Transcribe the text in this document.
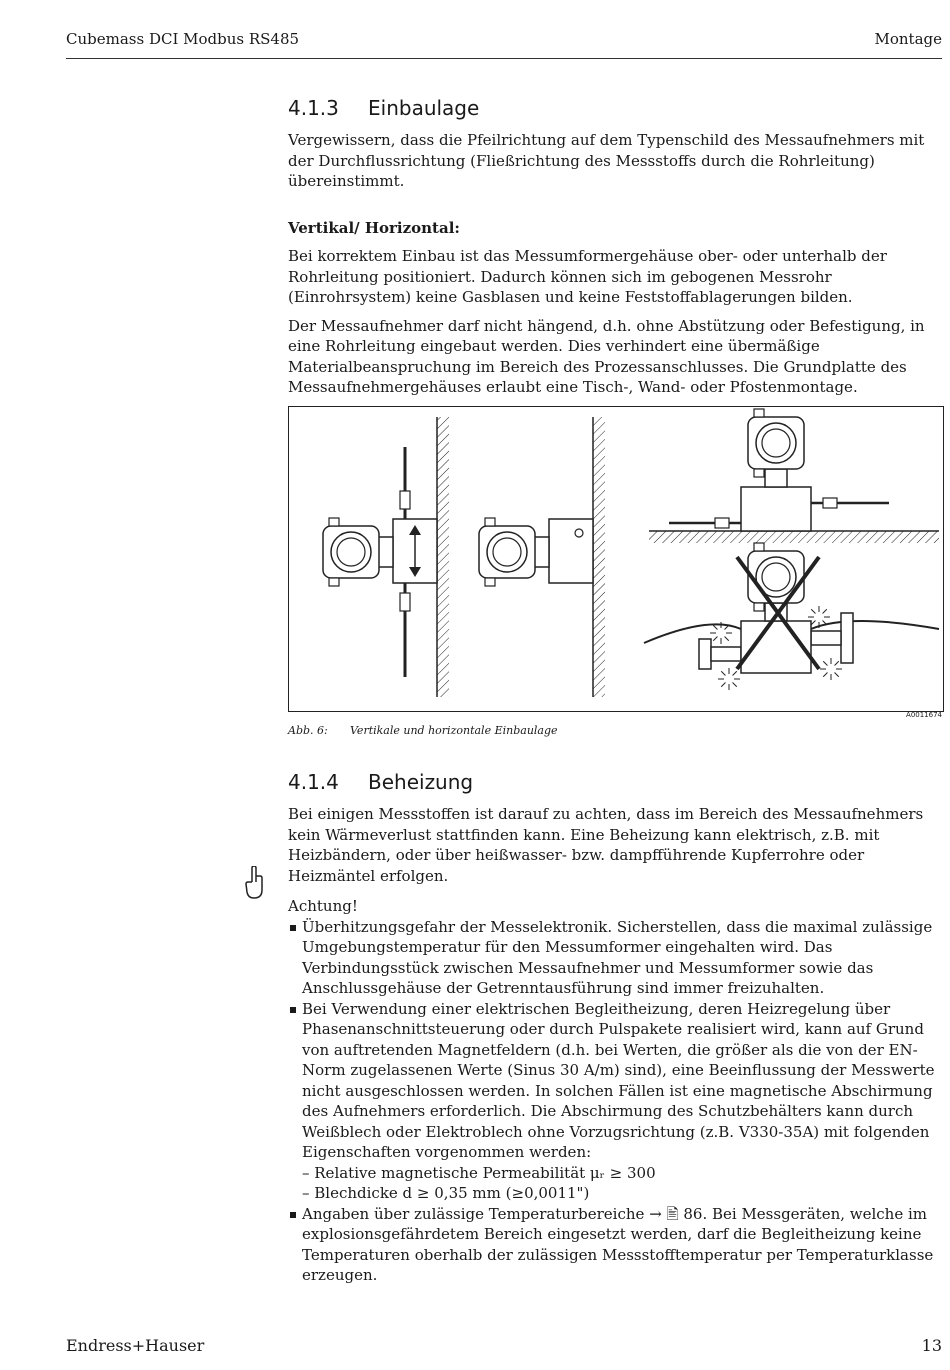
Cubemass DCI Modbus RS485	Montage
4.1.3 Einbaulage

Vergewissern, dass die Pfeilrichtung auf dem Typenschild des Messaufnehmers mit der Durchflussrichtung (Fließrichtung des Messstoffs durch die Rohrleitung) übereinstimmt.

Vertikal/ Horizontal:

Bei korrektem Einbau ist das Messumformergehäuse ober- oder unterhalb der Rohrleitung positioniert. Dadurch können sich im gebogenen Messrohr (Einrohrsystem) keine Gasblasen und keine Feststoffablagerungen bilden.

Der Messaufnehmer darf nicht hängend, d.h. ohne Abstützung oder Befestigung, in eine Rohrleitung eingebaut werden. Dies verhindert eine übermäßige Materialbeanspruchung im Bereich des Prozessanschlusses. Die Grundplatte des Messaufnehmergehäuses erlaubt eine Tisch-, Wand- oder Pfostenmontage.

A0011674
Abb. 6: Vertikale und horizontale Einbaulage
4.1.4 Beheizung

Bei einigen Messstoffen ist darauf zu achten, dass im Bereich des Messaufnehmers kein Wärmeverlust stattfinden kann. Eine Beheizung kann elektrisch, z.B. mit Heizbändern, oder über heißwasser- bzw. dampfführende Kupferrohre oder Heizmäntel erfolgen.

Achtung!

Überhitzungsgefahr der Messelektronik. Sicherstellen, dass die maximal zulässige Umgebungstemperatur für den Messumformer eingehalten wird. Das Verbindungsstück zwischen Messaufnehmer und Messumformer sowie das Anschlussgehäuse der Getrenntausführung sind immer freizuhalten.
Bei Verwendung einer elektrischen Begleitheizung, deren Heizregelung über Phasenanschnittsteuerung oder durch Pulspakete realisiert wird, kann auf Grund von auftretenden Magnetfeldern (d.h. bei Werten, die größer als die von der EN-Norm zugelassenen Werte (Sinus 30 A/m) sind), eine Beeinflussung der Messwerte nicht ausgeschlossen werden. In solchen Fällen ist eine magnetische Abschirmung des Aufnehmers erforderlich. Die Abschirmung des Schutzbehälters kann durch Weißblech oder Elektroblech ohne Vorzugsrichtung (z.B. V330-35A) mit folgenden Eigenschaften vorgenommen werden:
– Relative magnetische Permeabilität μᵣ ≥ 300
– Blechdicke d ≥ 0,35 mm (≥0,0011")
Angaben über zulässige Temperaturbereiche → 🖹 86. Bei Messgeräten, welche im explosionsgefährdetem Bereich eingesetzt werden, darf die Begleitheizung keine Temperaturen oberhalb der zulässigen Messstofftemperatur per Temperaturklasse erzeugen.
Endress+Hauser	13
